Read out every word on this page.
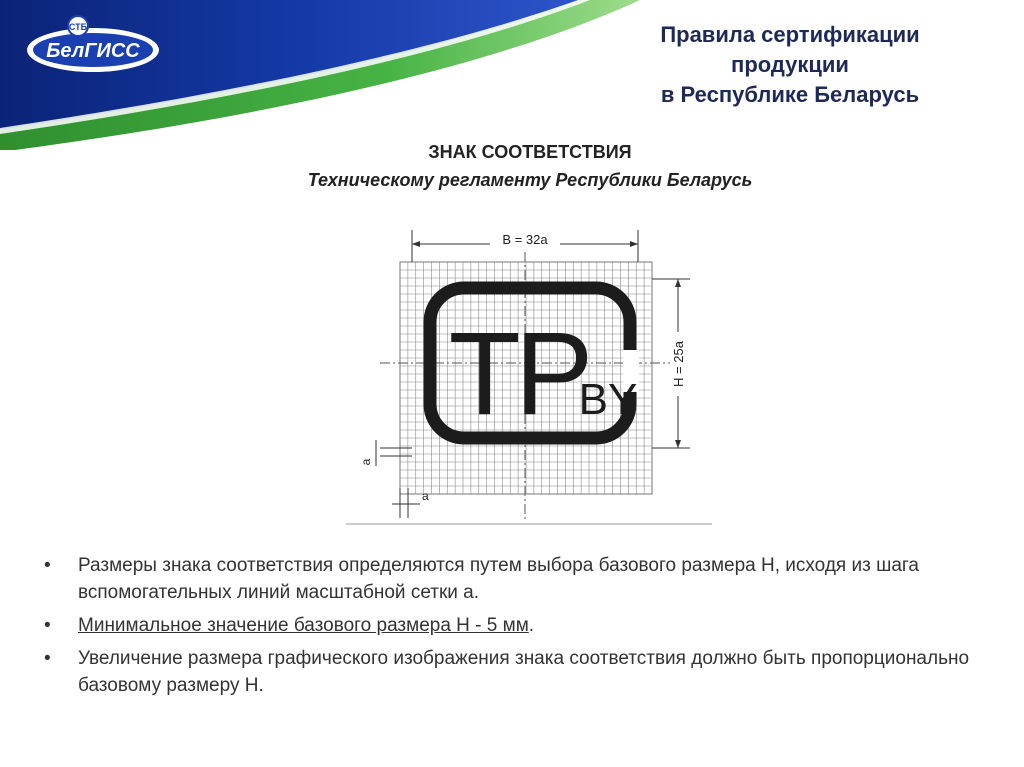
СТБ
БелГИСС
Правила сертификации
продукции
в Республике Беларусь
ЗНАК СООТВЕТСТВИЯ
Техническому регламенту Республики Беларусь
B = 32a
H = 25a
ТР
BY
a
a
• Размеры знака соответствия определяются путем выбора базового размера H, исходя из шага вспомогательных линий масштабной сетки а.
• Минимальное значение базового размера H - 5 мм.
• Увеличение размера графического изображения знака соответствия должно быть пропорционально базовому размеру H.
